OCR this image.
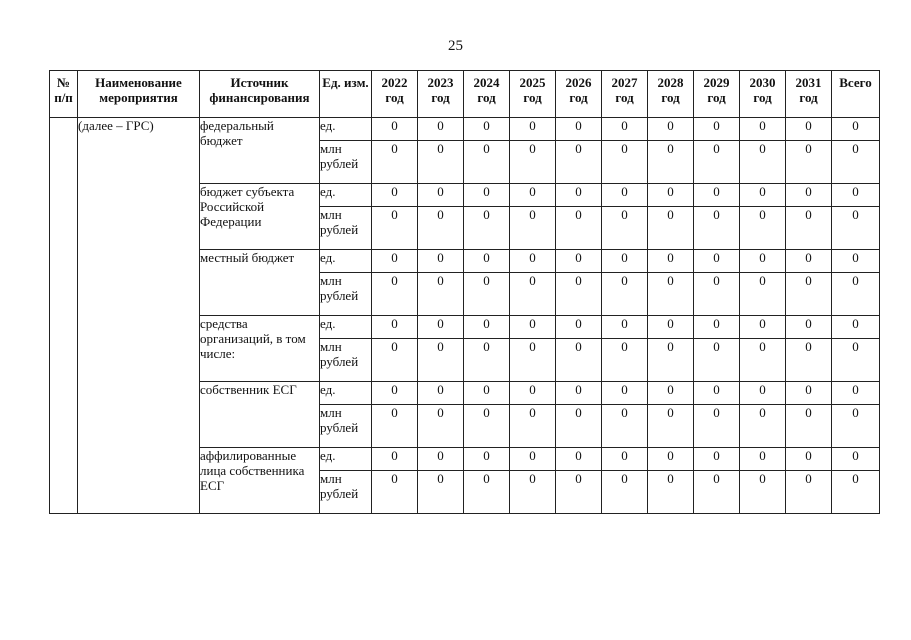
25
№ п/п	Наименование мероприятия	Источник финансирования	Ед. изм.	2022 год	2023 год	2024 год	2025 год	2026 год	2027 год	2028 год	2029 год	2030 год	2031 год	Всего
	(далее – ГРС)	федеральный бюджет	ед.	0	0	0	0	0	0	0	0	0	0	0
			млн рублей	0	0	0	0	0	0	0	0	0	0	0
		бюджет субъекта Российской Федерации	ед.	0	0	0	0	0	0	0	0	0	0	0
			млн рублей	0	0	0	0	0	0	0	0	0	0	0
		местный бюджет	ед.	0	0	0	0	0	0	0	0	0	0	0
			млн рублей	0	0	0	0	0	0	0	0	0	0	0
		средства организаций, в том числе:	ед.	0	0	0	0	0	0	0	0	0	0	0
			млн рублей	0	0	0	0	0	0	0	0	0	0	0
		собственник ЕСГ	ед.	0	0	0	0	0	0	0	0	0	0	0
			млн рублей	0	0	0	0	0	0	0	0	0	0	0
		аффилированные лица собственника ЕСГ	ед.	0	0	0	0	0	0	0	0	0	0	0
			млн рублей	0	0	0	0	0	0	0	0	0	0	0
